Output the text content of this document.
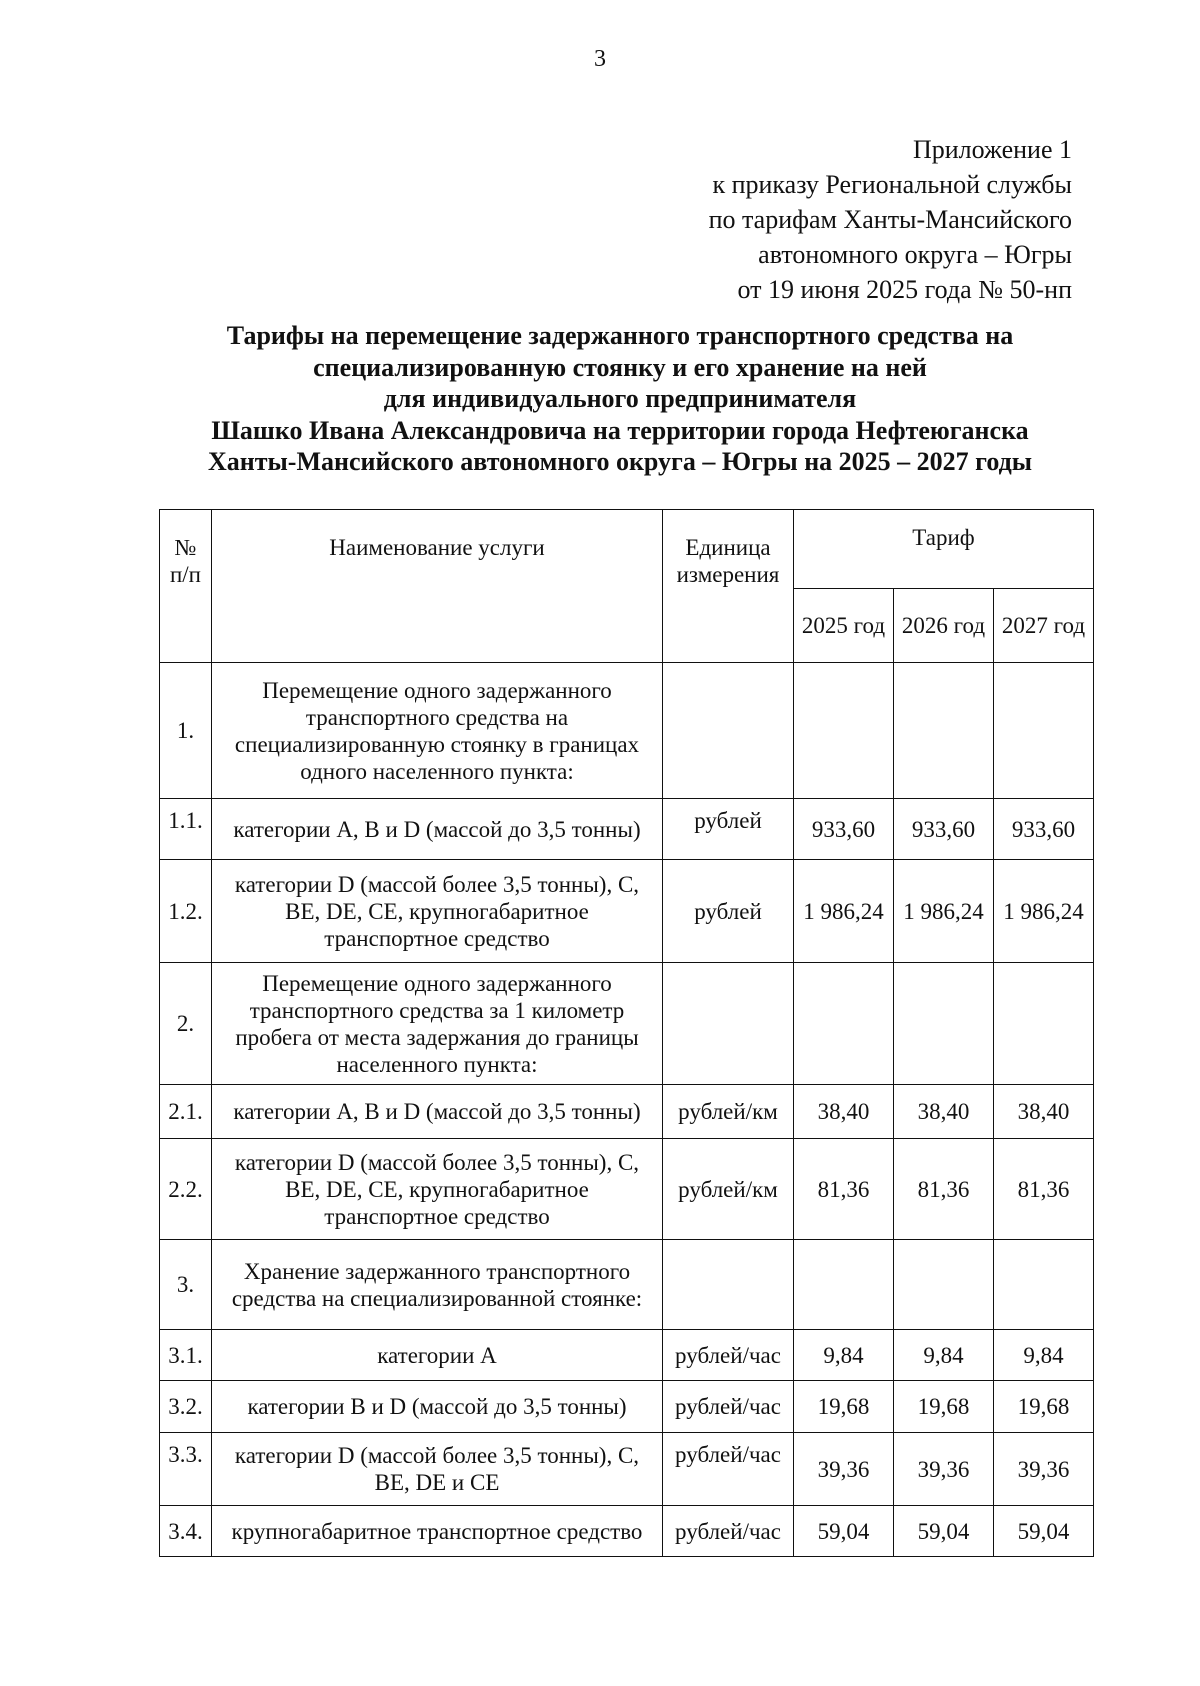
3
Приложение 1
к приказу Региональной службы
по тарифам Ханты-Мансийского
автономного округа – Югры
от 19 июня 2025 года № 50-нп
Тарифы на перемещение задержанного транспортного средства на
специализированную стоянку и его хранение на ней
для индивидуального предпринимателя
Шашко Ивана Александровича на территории города Нефтеюганска
Ханты-Мансийского автономного округа – Югры на 2025 – 2027 годы
№ п/п	Наименование услуги	Единица измерения	Тариф		
			2025 год	2026 год	2027 год
1.	Перемещение одного задержанного транспортного средства на специализированную стоянку в границах одного населенного пункта:				
1.1.	категории A, B и D (массой до 3,5 тонны)	рублей	933,60	933,60	933,60
1.2.	категории D (массой более 3,5 тонны), C, BE, DE, CE, крупногабаритное транспортное средство	рублей	1 986,24	1 986,24	1 986,24
2.	Перемещение одного задержанного транспортного средства за 1 километр пробега от места задержания до границы населенного пункта:				
2.1.	категории A, B и D (массой до 3,5 тонны)	рублей/км	38,40	38,40	38,40
2.2.	категории D (массой более 3,5 тонны), C, BE, DE, CE, крупногабаритное транспортное средство	рублей/км	81,36	81,36	81,36
3.	Хранение задержанного транспортного средства на специализированной стоянке:				
3.1.	категории A	рублей/час	9,84	9,84	9,84
3.2.	категории B и D (массой до 3,5 тонны)	рублей/час	19,68	19,68	19,68
3.3.	категории D (массой более 3,5 тонны), C, BE, DE и CE	рублей/час	39,36	39,36	39,36
3.4.	крупногабаритное транспортное средство	рублей/час	59,04	59,04	59,04
